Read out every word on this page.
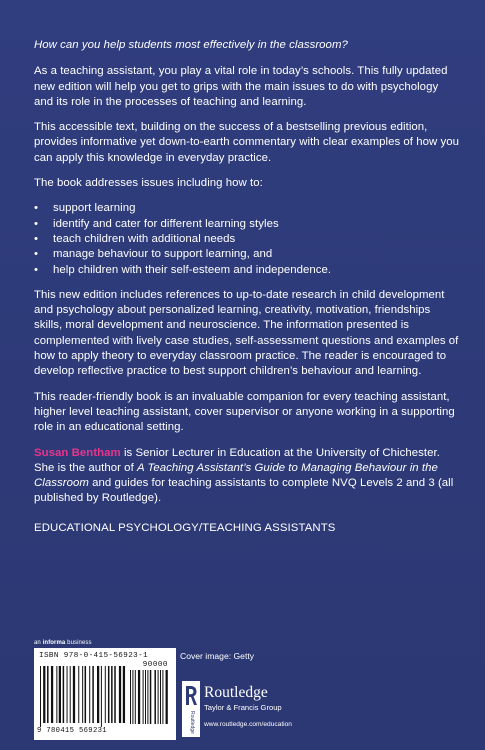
How can you help students most effectively in the classroom?

As a teaching assistant, you play a vital role in today’s schools. This fully updated new edition will help you get to grips with the main issues to do with psychology and its role in the processes of teaching and learning.

This accessible text, building on the success of a bestselling previous edition, provides informative yet down-to-earth commentary with clear examples of how you can apply this knowledge in everyday practice.

The book addresses issues including how to:

• support learning
• identify and cater for different learning styles
• teach children with additional needs
• manage behaviour to support learning, and
• help children with their self-esteem and independence.

This new edition includes references to up-to-date research in child development and psychology about personalized learning, creativity, motivation, friendships skills, moral development and neuroscience. The information presented is complemented with lively case studies, self-assessment questions and examples of how to apply theory to everyday classroom practice. The reader is encouraged to develop reflective practice to best support children’s behaviour and learning.

This reader-friendly book is an invaluable companion for every teaching assistant, higher level teaching assistant, cover supervisor or anyone working in a supporting role in an educational setting.

Susan Bentham is Senior Lecturer in Education at the University of Chichester. She is the author of A Teaching Assistant’s Guide to Managing Behaviour in the Classroom and guides for teaching assistants to complete NVQ Levels 2 and 3 (all published by Routledge).

EDUCATIONAL PSYCHOLOGY/TEACHING ASSISTANTS

an informa business
ISBN 978-0-415-56923-1
90000
9 780415 569231
Cover image: Getty
Routledge
Routledge
Taylor & Francis Group
www.routledge.com/education
